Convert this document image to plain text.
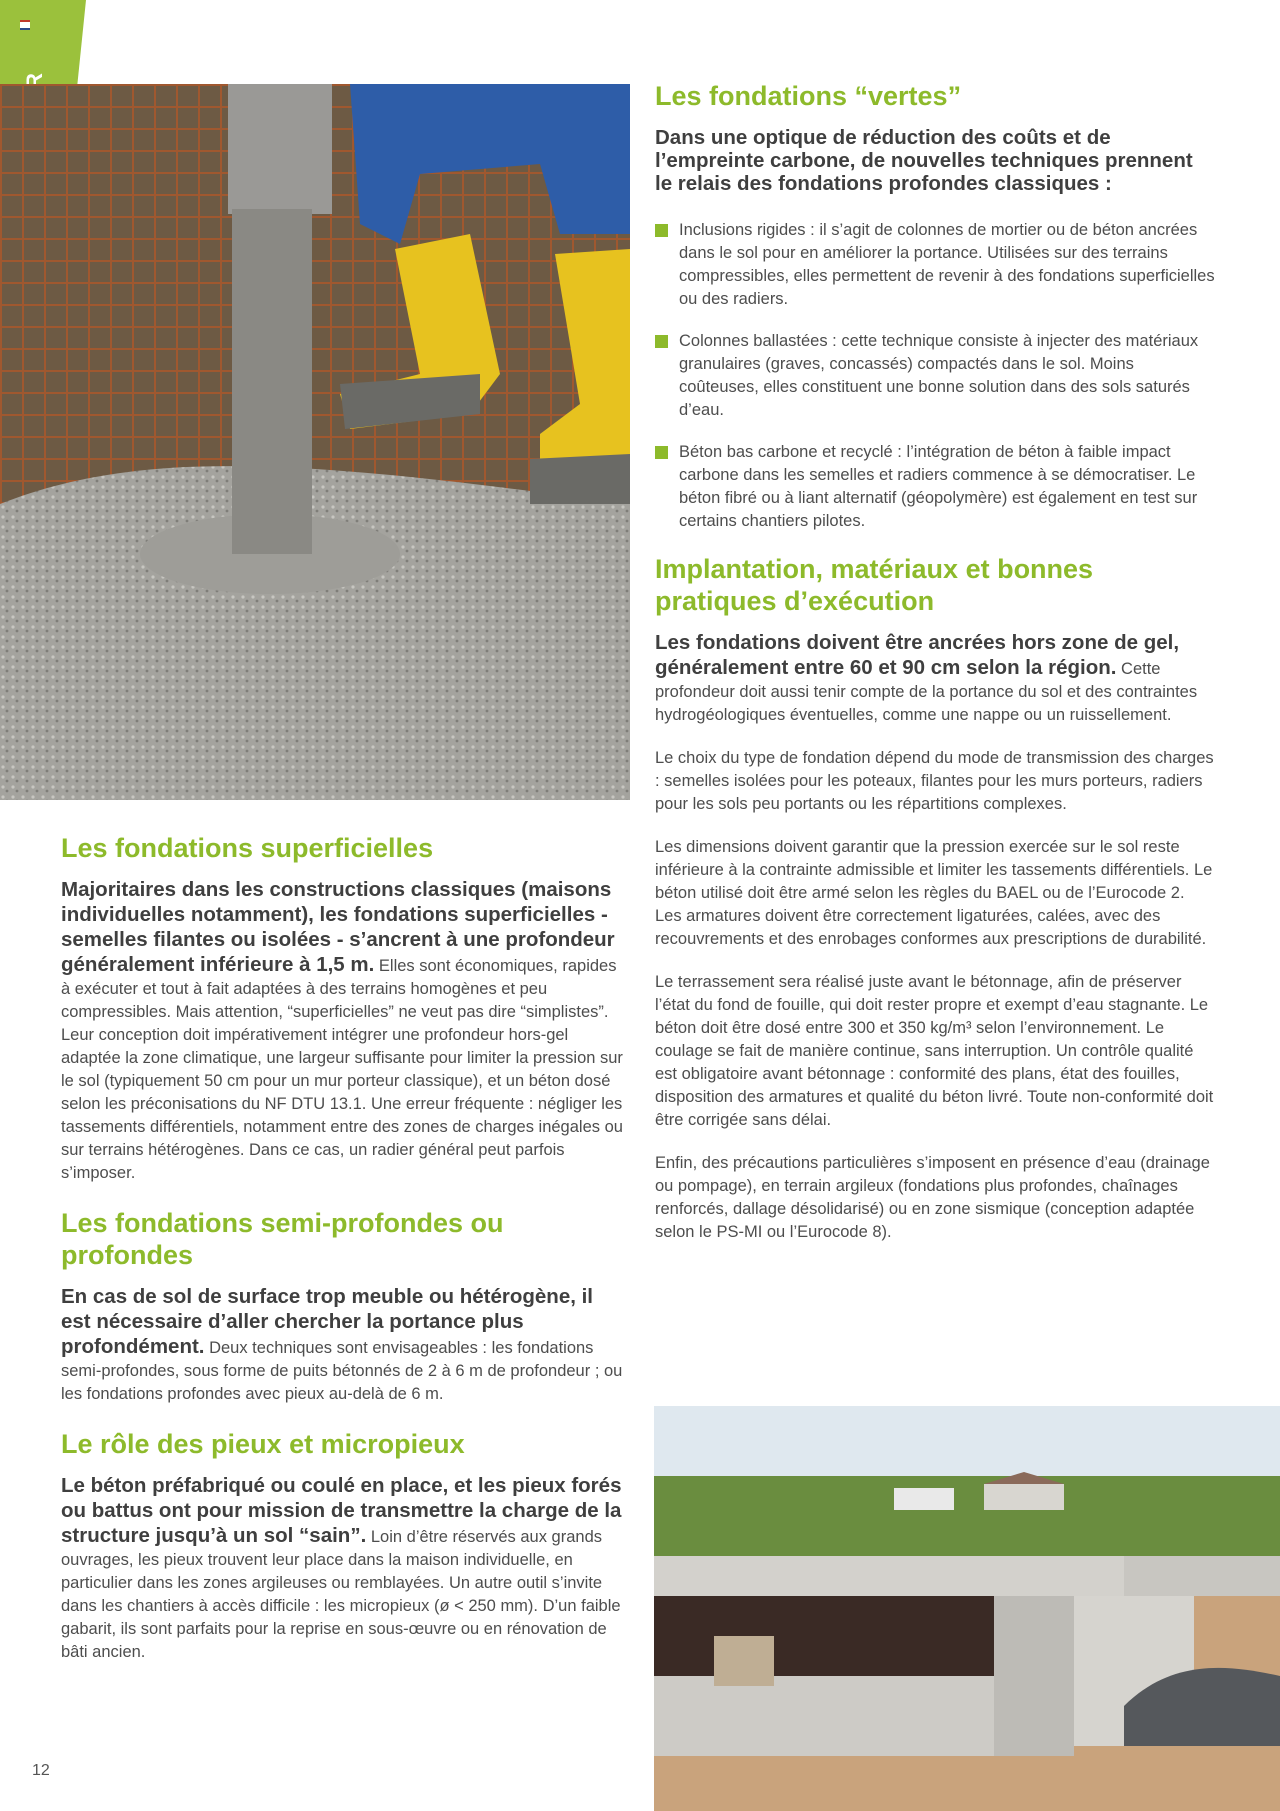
Les fondations superficielles

Majoritaires dans les constructions classiques (maisons individuelles notamment), les fondations superficielles - semelles filantes ou isolées - s’ancrent à une profondeur généralement inférieure à 1,5 m. Elles sont économiques, rapides à exécuter et tout à fait adaptées à des terrains homogènes et peu compressibles. Mais attention, “superficielles” ne veut pas dire “simplistes”. Leur conception doit impérativement intégrer une profondeur hors-gel adaptée la zone climatique, une largeur suffisante pour limiter la pression sur le sol (typiquement 50 cm pour un mur porteur classique), et un béton dosé selon les préconisations du NF DTU 13.1. Une erreur fréquente : négliger les tassements différentiels, notamment entre des zones de charges inégales ou sur terrains hétérogènes. Dans ce cas, un radier général peut parfois s’imposer.

Les fondations semi-profondes ou profondes

En cas de sol de surface trop meuble ou hétérogène, il est nécessaire d’aller chercher la portance plus profondément. Deux techniques sont envisageables : les fondations semi-profondes, sous forme de puits bétonnés de 2 à 6 m de profondeur ; ou les fondations profondes avec pieux au-delà de 6 m.

Le rôle des pieux et micropieux

Le béton préfabriqué ou coulé en place, et les pieux forés ou battus ont pour mission de transmettre la charge de la structure jusqu’à un sol “sain”. Loin d’être réservés aux grands ouvrages, les pieux trouvent leur place dans la maison individuelle, en particulier dans les zones argileuses ou remblayées. Un autre outil s’invite dans les chantiers à accès difficile : les micropieux (ø < 250 mm). D’un faible gabarit, ils sont parfaits pour la reprise en sous-œuvre ou en rénovation de bâti ancien.

Les fondations “vertes”

Dans une optique de réduction des coûts et de l’empreinte carbone, de nouvelles techniques prennent le relais des fondations profondes classiques :

Inclusions rigides : il s’agit de colonnes de mortier ou de béton ancrées dans le sol pour en améliorer la portance. Utilisées sur des terrains compressibles, elles permettent de revenir à des fondations superficielles ou des radiers.
Colonnes ballastées : cette technique consiste à injecter des matériaux granulaires (graves, concassés) compactés dans le sol. Moins coûteuses, elles constituent une bonne solution dans des sols saturés d’eau.
Béton bas carbone et recyclé : l’intégration de béton à faible impact carbone dans les semelles et radiers commence à se démocratiser. Le béton fibré ou à liant alternatif (géopolymère) est également en test sur certains chantiers pilotes.
Implantation, matériaux et bonnes pratiques d’exécution

Les fondations doivent être ancrées hors zone de gel, généralement entre 60 et 90 cm selon la région. Cette profondeur doit aussi tenir compte de la portance du sol et des contraintes hydrogéologiques éventuelles, comme une nappe ou un ruissellement.

Le choix du type de fondation dépend du mode de transmission des charges : semelles isolées pour les poteaux, filantes pour les murs porteurs, radiers pour les sols peu portants ou les répartitions complexes.

Les dimensions doivent garantir que la pression exercée sur le sol reste inférieure à la contrainte admissible et limiter les tassements différentiels. Le béton utilisé doit être armé selon les règles du BAEL ou de l’Eurocode 2. Les armatures doivent être correctement ligaturées, calées, avec des recouvrements et des enrobages conformes aux prescriptions de durabilité.

Le terrassement sera réalisé juste avant le bétonnage, afin de préserver l’état du fond de fouille, qui doit rester propre et exempt d’eau stagnante. Le béton doit être dosé entre 300 et 350 kg/m³ selon l’environnement. Le coulage se fait de manière continue, sans interruption. Un contrôle qualité est obligatoire avant bétonnage : conformité des plans, état des fouilles, disposition des armatures et qualité du béton livré. Toute non-conformité doit être corrigée sans délai.

Enfin, des précautions particulières s’imposent en présence d’eau (drainage ou pompage), en terrain argileux (fondations plus profondes, chaînages renforcés, dallage désolidarisé) ou en zone sismique (conception adaptée selon le PS-MI ou l’Eurocode 8).

12
